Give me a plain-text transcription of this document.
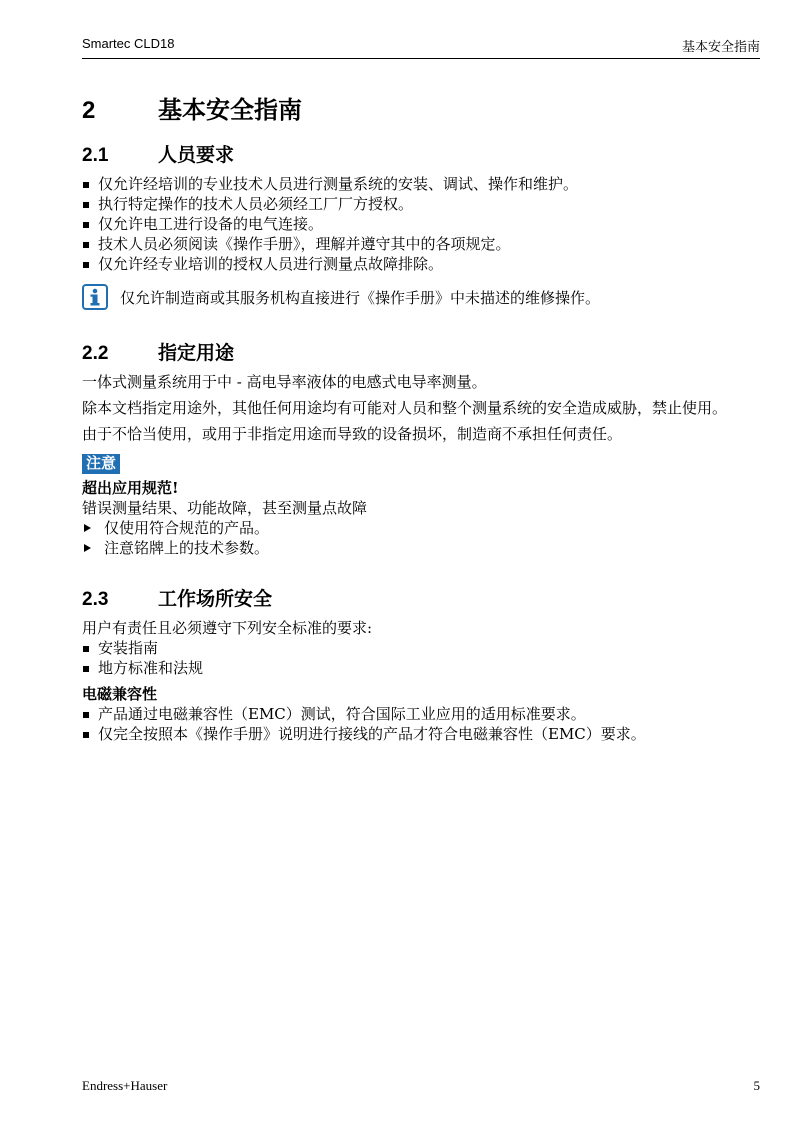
Smartec CLD18	基本安全指南
2	基本安全指南
2.1	人员要求
仅允许经培训的专业技术人员进行测量系统的安装、调试、操作和维护。
执行特定操作的技术人员必须经工厂厂方授权。
仅允许电工进行设备的电气连接。
技术人员必须阅读《操作手册》，理解并遵守其中的各项规定。
仅允许经专业培训的授权人员进行测量点故障排除。
仅允许制造商或其服务机构直接进行《操作手册》中未描述的维修操作。
2.2	指定用途

一体式测量系统用于中 - 高电导率液体的电感式电导率测量。

除本文档指定用途外，其他任何用途均有可能对人员和整个测量系统的安全造成威胁，禁止使用。

由于不恰当使用，或用于非指定用途而导致的设备损坏，制造商不承担任何责任。

注意
超出应用规范!
错误测量结果、功能故障，甚至测量点故障
仅使用符合规范的产品。
注意铭牌上的技术参数。
2.3	工作场所安全
用户有责任且必须遵守下列安全标准的要求:
安装指南
地方标准和法规
电磁兼容性
产品通过电磁兼容性（EMC）测试，符合国际工业应用的适用标准要求。
仅完全按照本《操作手册》说明进行接线的产品才符合电磁兼容性（EMC）要求。
Endress+Hauser	5
